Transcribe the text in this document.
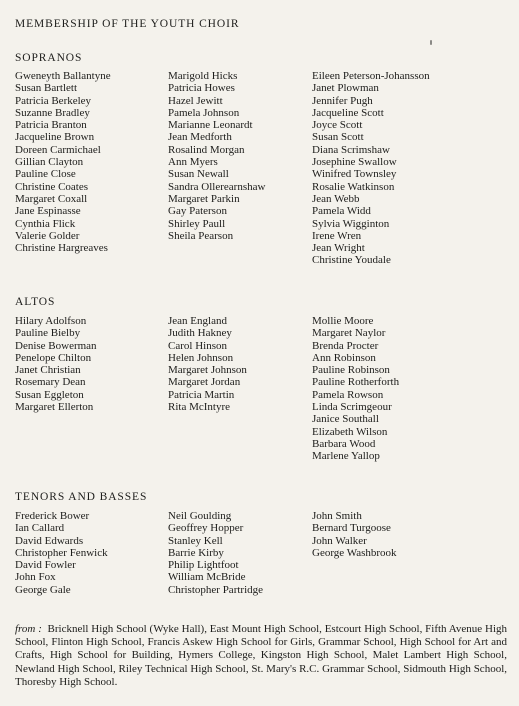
MEMBERSHIP OF THE YOUTH CHOIR
SOPRANOS
Gweneyth Ballantyne
Susan Bartlett
Patricia Berkeley
Suzanne Bradley
Patricia Branton
Jacqueline Brown
Doreen Carmichael
Gillian Clayton
Pauline Close
Christine Coates
Margaret Coxall
Jane Espinasse
Cynthia Flick
Valerie Golder
Christine Hargreaves
Marigold Hicks
Patricia Howes
Hazel Jewitt
Pamela Johnson
Marianne Leonardt
Jean Medforth
Rosalind Morgan
Ann Myers
Susan Newall
Sandra Ollerearnshaw
Margaret Parkin
Gay Paterson
Shirley Paull
Sheila Pearson
Eileen Peterson-Johansson
Janet Plowman
Jennifer Pugh
Jacqueline Scott
Joyce Scott
Susan Scott
Diana Scrimshaw
Josephine Swallow
Winifred Townsley
Rosalie Watkinson
Jean Webb
Pamela Widd
Sylvia Wigginton
Irene Wren
Jean Wright
Christine Youdale
ALTOS
Hilary Adolfson
Pauline Bielby
Denise Bowerman
Penelope Chilton
Janet Christian
Rosemary Dean
Susan Eggleton
Margaret Ellerton
Jean England
Judith Hakney
Carol Hinson
Helen Johnson
Margaret Johnson
Margaret Jordan
Patricia Martin
Rita McIntyre
Mollie Moore
Margaret Naylor
Brenda Procter
Ann Robinson
Pauline Robinson
Pauline Rotherforth
Pamela Rowson
Linda Scrimgeour
Janice Southall
Elizabeth Wilson
Barbara Wood
Marlene Yallop
TENORS AND BASSES
Frederick Bower
Ian Callard
David Edwards
Christopher Fenwick
David Fowler
John Fox
George Gale
Neil Goulding
Geoffrey Hopper
Stanley Kell
Barrie Kirby
Philip Lightfoot
William McBride
Christopher Partridge
John Smith
Bernard Turgoose
John Walker
George Washbrook

from : Bricknell High School (Wyke Hall), East Mount High School, Estcourt High School, Fifth Avenue High School, Flinton High School, Francis Askew High School for Girls, Grammar School, High School for Art and Crafts, High School for Building, Hymers College, Kingston High School, Malet Lambert High School, Newland High School, Riley Technical High School, St. Mary's R.C. Grammar School, Sidmouth High School, Thoresby High School.
